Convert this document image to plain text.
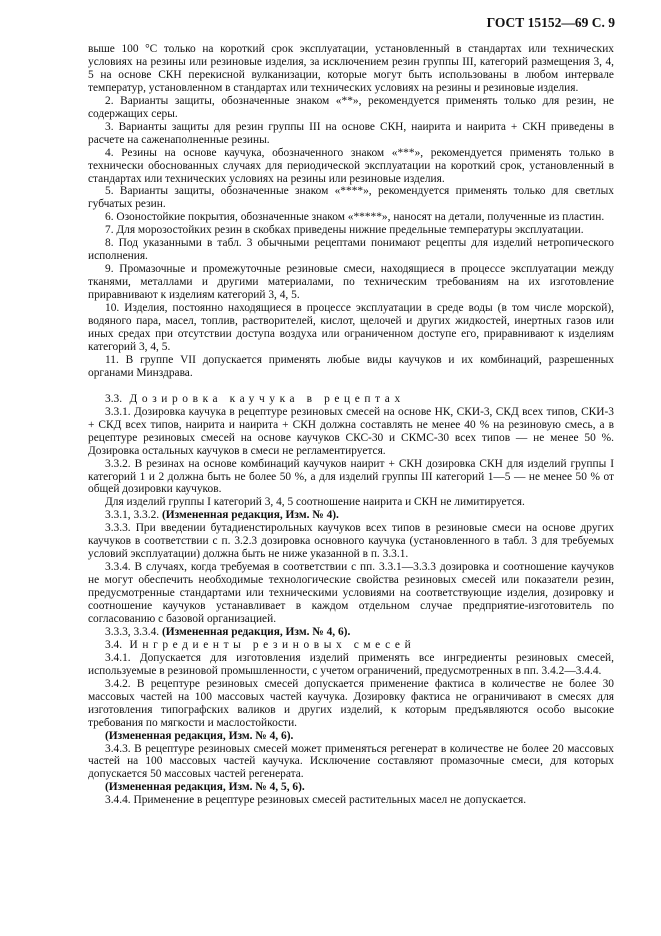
ГОСТ 15152—69 С. 9

выше 100 °С только на короткий срок эксплуатации, установленный в стандартах или технических условиях на резины или резиновые изделия, за исключением резин группы III, категорий размещения 3, 4, 5 на основе СКН перекисной вулканизации, которые могут быть использованы в любом интервале температур, установленном в стандартах или технических условиях на резины и резиновые изделия.

2. Варианты защиты, обозначенные знаком «**», рекомендуется применять только для резин, не содержащих серы.

3. Варианты защиты для резин группы III на основе СКН, наирита и наирита + СКН приведены в расчете на саженаполненные резины.

4. Резины на основе каучука, обозначенного знаком «***», рекомендуется применять только в технически обоснованных случаях для периодической эксплуатации на короткий срок, установленный в стандартах или технических условиях на резины или резиновые изделия.

5. Варианты защиты, обозначенные знаком «****», рекомендуется применять только для светлых губчатых резин.

6. Озоностойкие покрытия, обозначенные знаком «*****», наносят на детали, полученные из пластин.

7. Для морозостойких резин в скобках приведены нижние предельные температуры эксплуатации.

8. Под указанными в табл. 3 обычными рецептами понимают рецепты для изделий нетропического исполнения.

9. Промазочные и промежуточные резиновые смеси, находящиеся в процессе эксплуатации между тканями, металлами и другими материалами, по техническим требованиям на их изготовление приравнивают к изделиям категорий 3, 4, 5.

10. Изделия, постоянно находящиеся в процессе эксплуатации в среде воды (в том числе морской), водяного пара, масел, топлив, растворителей, кислот, щелочей и других жидкостей, инертных газов или иных средах при отсутствии доступа воздуха или ограниченном доступе его, приравнивают к изделиям категорий 3, 4, 5.

11. В группе VII допускается применять любые виды каучуков и их комбинаций, разрешенных органами Минздрава.

3.3. Дозировка каучука в рецептах

3.3.1. Дозировка каучука в рецептуре резиновых смесей на основе НК, СКИ-3, СКД всех типов, СКИ-3 + СКД всех типов, наирита и наирита + СКН должна составлять не менее 40 % на резиновую смесь, а в рецептуре резиновых смесей на основе каучуков СКС-30 и СКМС-30 всех типов — не менее 50 %. Дозировка остальных каучуков в смеси не регламентируется.

3.3.2. В резинах на основе комбинаций каучуков наирит + СКН дозировка СКН для изделий группы I категорий 1 и 2 должна быть не более 50 %, а для изделий группы III категорий 1—5 — не менее 50 % от общей дозировки каучуков.

Для изделий группы I категорий 3, 4, 5 соотношение наирита и СКН не лимитируется.

3.3.1, 3.3.2. (Измененная редакция, Изм. № 4).

3.3.3. При введении бутадиенстирольных каучуков всех типов в резиновые смеси на основе других каучуков в соответствии с п. 3.2.3 дозировка основного каучука (установленного в табл. 3 для требуемых условий эксплуатации) должна быть не ниже указанной в п. 3.3.1.

3.3.4. В случаях, когда требуемая в соответствии с пп. 3.3.1—3.3.3 дозировка и соотношение каучуков не могут обеспечить необходимые технологические свойства резиновых смесей или показатели резин, предусмотренные стандартами или техническими условиями на соответствующие изделия, дозировку и соотношение каучуков устанавливает в каждом отдельном случае предприятие-изготовитель по согласованию с базовой организацией.

3.3.3, 3.3.4. (Измененная редакция, Изм. № 4, 6).

3.4. Ингредиенты резиновых смесей

3.4.1. Допускается для изготовления изделий применять все ингредиенты резиновых смесей, используемые в резиновой промышленности, с учетом ограничений, предусмотренных в пп. 3.4.2—3.4.4.

3.4.2. В рецептуре резиновых смесей допускается применение фактиса в количестве не более 30 массовых частей на 100 массовых частей каучука. Дозировку фактиса не ограничивают в смесях для изготовления типографских валиков и других изделий, к которым предъявляются особо высокие требования по мягкости и маслостойкости.

(Измененная редакция, Изм. № 4, 6).

3.4.3. В рецептуре резиновых смесей может применяться регенерат в количестве не более 20 массовых частей на 100 массовых частей каучука. Исключение составляют промазочные смеси, для которых допускается 50 массовых частей регенерата.

(Измененная редакция, Изм. № 4, 5, 6).

3.4.4. Применение в рецептуре резиновых смесей растительных масел не допускается.
